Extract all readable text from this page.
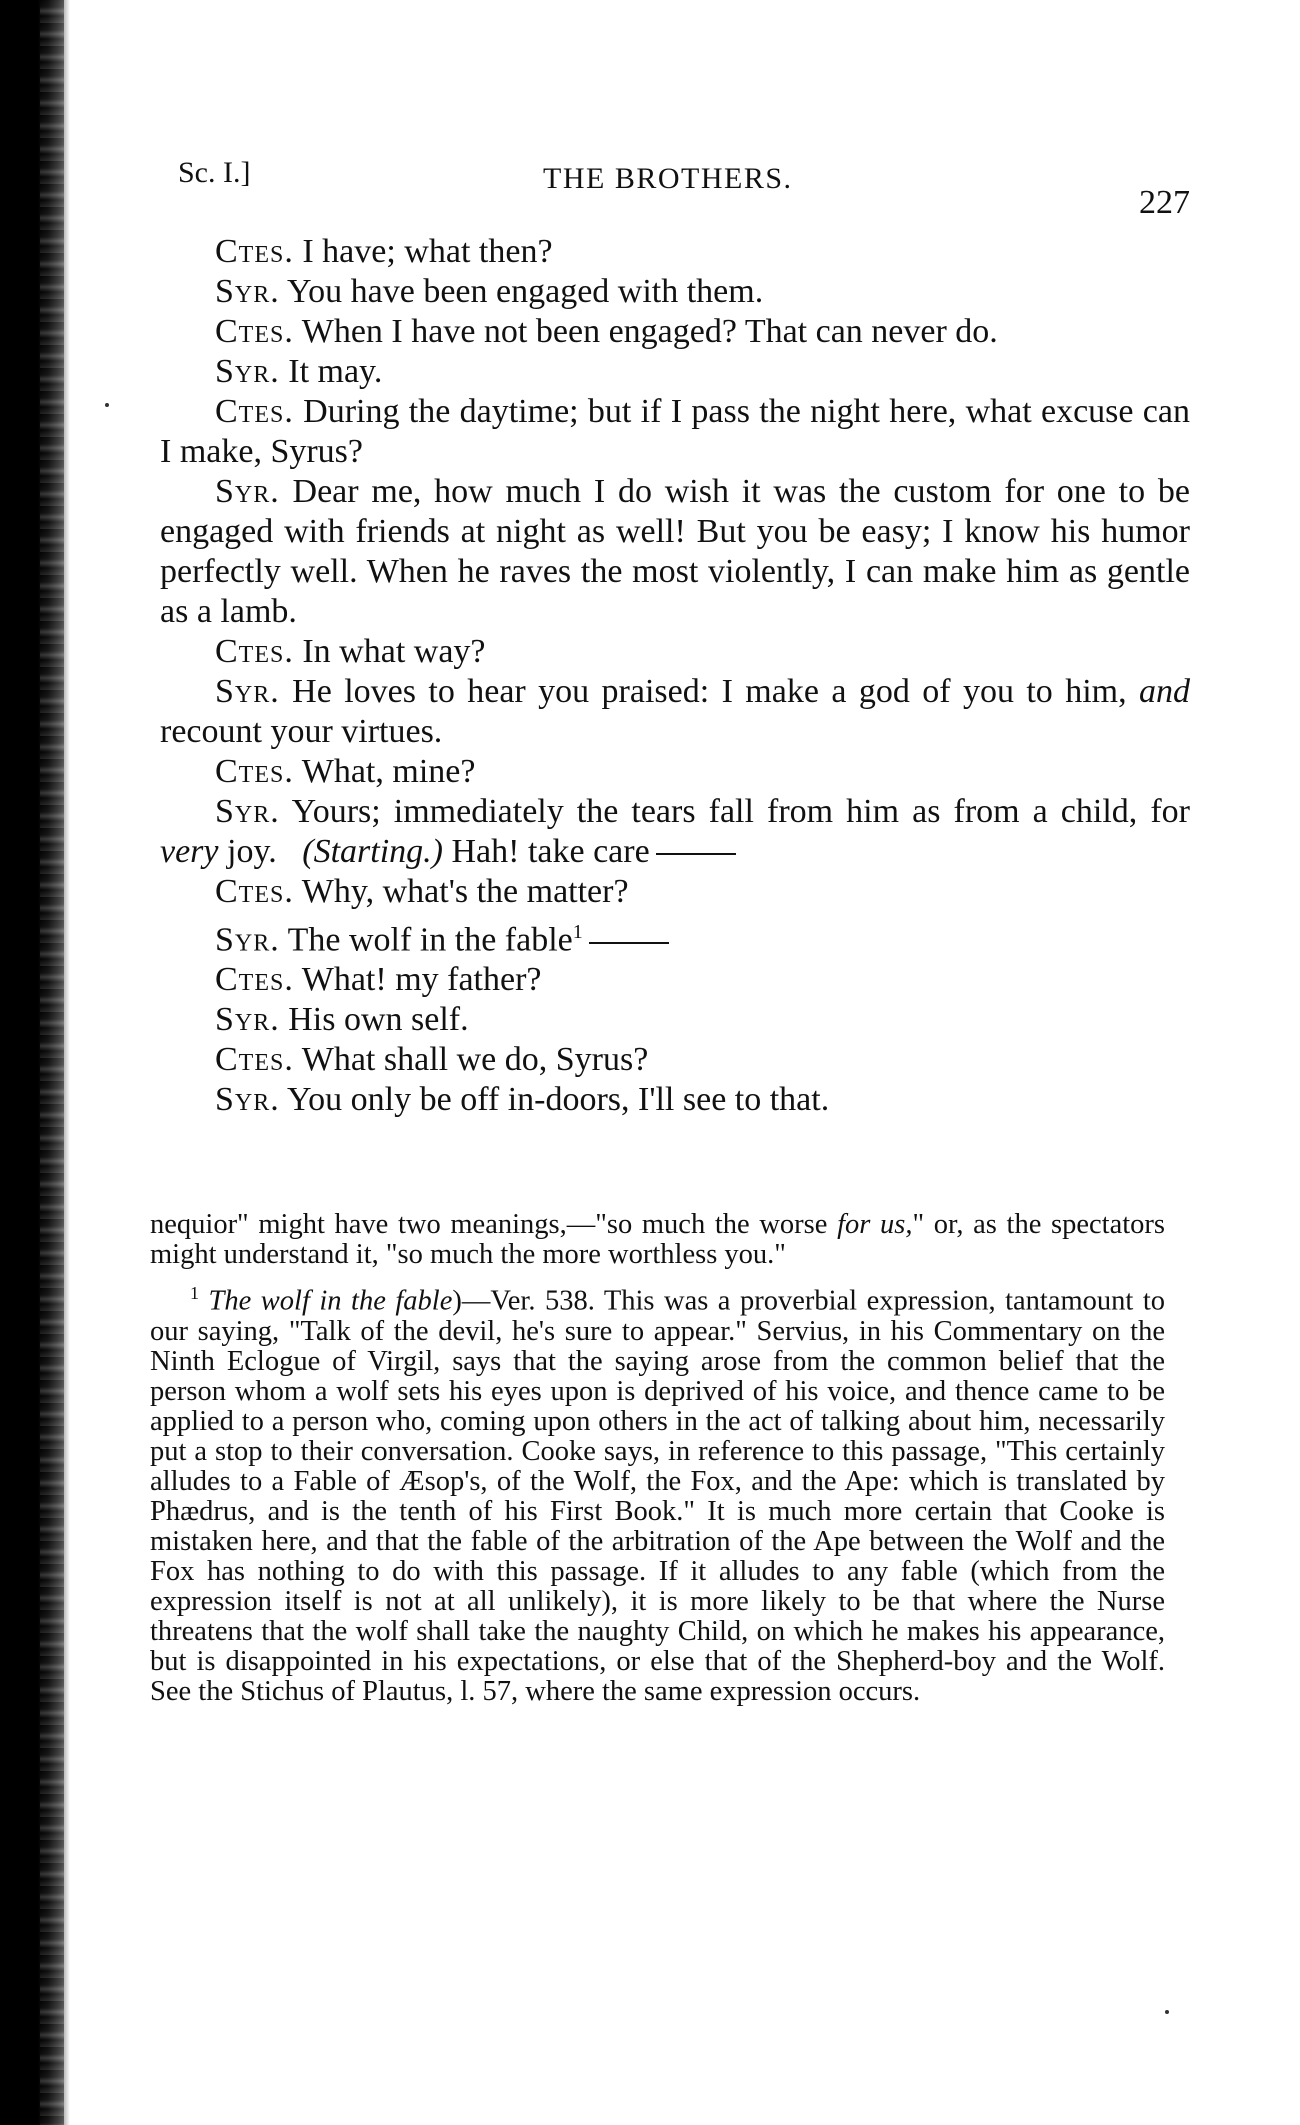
Sc. I.]	THE BROTHERS.
227

Ctes. I have; what then?

Syr. You have been engaged with them.

Ctes. When I have not been engaged? That can never do.

Syr. It may.

Ctes. During the daytime; but if I pass the night here, what excuse can I make, Syrus?

Syr. Dear me, how much I do wish it was the custom for one to be engaged with friends at night as well! But you be easy; I know his humor perfectly well. When he raves the most violently, I can make him as gentle as a lamb.

Ctes. In what way?

Syr. He loves to hear you praised: I make a god of you to him, and recount your virtues.

Ctes. What, mine?

Syr. Yours; immediately the tears fall from him as from a child, for very joy. (Starting.) Hah! take care

Ctes. Why, what's the matter?

Syr. The wolf in the fable$^1$

Ctes. What! my father?

Syr. His own self.

Ctes. What shall we do, Syrus?

Syr. You only be off in-doors, I'll see to that.

nequior" might have two meanings,—"so much the worse for us," or, as the spectators might understand it, "so much the more worthless you."

$^1$ The wolf in the fable)—Ver. 538. This was a proverbial expression, tantamount to our saying, "Talk of the devil, he's sure to appear." Servius, in his Commentary on the Ninth Eclogue of Virgil, says that the saying arose from the common belief that the person whom a wolf sets his eyes upon is deprived of his voice, and thence came to be applied to a person who, coming upon others in the act of talking about him, necessarily put a stop to their conversation. Cooke says, in reference to this passage, "This certainly alludes to a Fable of Æsop's, of the Wolf, the Fox, and the Ape: which is translated by Phædrus, and is the tenth of his First Book." It is much more certain that Cooke is mistaken here, and that the fable of the arbitration of the Ape between the Wolf and the Fox has nothing to do with this passage. If it alludes to any fable (which from the expression itself is not at all unlikely), it is more likely to be that where the Nurse threatens that the wolf shall take the naughty Child, on which he makes his appearance, but is disappointed in his expectations, or else that of the Shepherd-boy and the Wolf. See the Stichus of Plautus, l. 57, where the same expression occurs.
